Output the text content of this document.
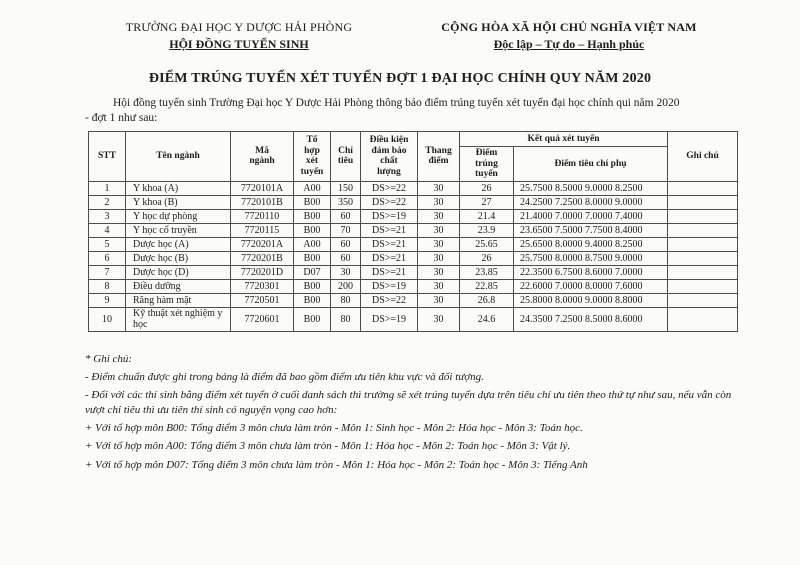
TRƯỜNG ĐẠI HỌC Y DƯỢC HẢI PHÒNG
HỘI ĐỒNG TUYỂN SINH
CỘNG HÒA XÃ HỘI CHỦ NGHĨA VIỆT NAM
Độc lập – Tự do – Hạnh phúc
ĐIỂM TRÚNG TUYỂN XÉT TUYỂN ĐỢT 1 ĐẠI HỌC CHÍNH QUY NĂM 2020
Hội đồng tuyển sinh Trường Đại học Y Dược Hải Phòng thông báo điểm trúng tuyển xét tuyển đại học chính qui năm 2020
- đợt 1 như sau:
STT	Tên ngành	Mã ngành	Tổ hợp xét tuyển	Chỉ tiêu	Điều kiện đảm bảo chất lượng	Thang điểm	Kết quả xét tuyển		Ghi chú
							Điểm trúng tuyển	Điểm tiêu chí phụ	
1	Y khoa (A)	7720101A	A00	150	DS>=22	30	26	25.7500 8.5000 9.0000 8.2500	
2	Y khoa (B)	7720101B	B00	350	DS>=22	30	27	24.2500 7.2500 8.0000 9.0000	
3	Y học dự phòng	7720110	B00	60	DS>=19	30	21.4	21.4000 7.0000 7.0000 7.4000	
4	Y học cổ truyền	7720115	B00	70	DS>=21	30	23.9	23.6500 7.5000 7.7500 8.4000	
5	Dược học (A)	7720201A	A00	60	DS>=21	30	25.65	25.6500 8.0000 9.4000 8.2500	
6	Dược học (B)	7720201B	B00	60	DS>=21	30	26	25.7500 8.0000 8.7500 9.0000	
7	Dược học (D)	7720201D	D07	30	DS>=21	30	23.85	22.3500 6.7500 8.6000 7.0000	
8	Điều dưỡng	7720301	B00	200	DS>=19	30	22.85	22.6000 7.0000 8.0000 7.6000	
9	Răng hàm mặt	7720501	B00	80	DS>=22	30	26.8	25.8000 8.0000 9.0000 8.8000	
10	Kỹ thuật xét nghiệm y học	7720601	B00	80	DS>=19	30	24.6	24.3500 7.2500 8.5000 8.6000	
* Ghi chú:
- Điểm chuẩn được ghi trong bảng là điểm đã bao gồm điểm ưu tiên khu vực và đối tượng.
- Đối với các thí sinh bằng điểm xét tuyển ở cuối danh sách thì trường sẽ xét trúng tuyển dựa trên tiêu chí ưu tiên theo thứ tự như sau, nếu vẫn còn vượt chỉ tiêu thì ưu tiên thí sinh có nguyện vọng cao hơn:
+ Với tổ hợp môn B00: Tổng điểm 3 môn chưa làm tròn - Môn 1: Sinh học - Môn 2: Hóa học - Môn 3: Toán học.
+ Với tổ hợp môn A00: Tổng điểm 3 môn chưa làm tròn - Môn 1: Hóa học - Môn 2: Toán học - Môn 3: Vật lý.
+ Với tổ hợp môn D07: Tổng điểm 3 môn chưa làm tròn - Môn 1: Hóa học - Môn 2: Toán học - Môn 3: Tiếng Anh
